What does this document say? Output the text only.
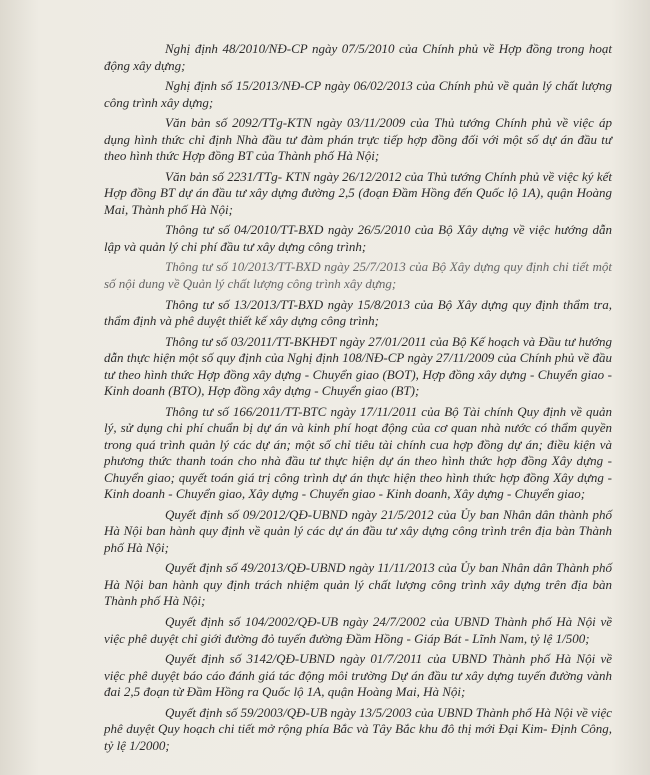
Nghị định 48/2010/NĐ-CP ngày 07/5/2010 của Chính phủ về Hợp đồng trong hoạt động xây dựng;

Nghị định số 15/2013/NĐ-CP ngày 06/02/2013 của Chính phủ về quản lý chất lượng công trình xây dựng;

Văn bản số 2092/TTg-KTN ngày 03/11/2009 của Thủ tướng Chính phủ về việc áp dụng hình thức chỉ định Nhà đầu tư đàm phán trực tiếp hợp đồng đối với một số dự án đầu tư theo hình thức Hợp đồng BT của Thành phố Hà Nội;

Văn bản số 2231/TTg- KTN ngày 26/12/2012 của Thủ tướng Chính phủ về việc ký kết Hợp đồng BT dự án đầu tư xây dựng đường 2,5 (đoạn Đầm Hồng đến Quốc lộ 1A), quận Hoàng Mai, Thành phố Hà Nội;

Thông tư số 04/2010/TT-BXD ngày 26/5/2010 của Bộ Xây dựng về việc hướng dẫn lập và quản lý chi phí đầu tư xây dựng công trình;

Thông tư số 10/2013/TT-BXD ngày 25/7/2013 của Bộ Xây dựng quy định chi tiết một số nội dung về Quản lý chất lượng công trình xây dựng;

Thông tư số 13/2013/TT-BXD ngày 15/8/2013 của Bộ Xây dựng quy định thẩm tra, thẩm định và phê duyệt thiết kế xây dựng công trình;

Thông tư số 03/2011/TT-BKHĐT ngày 27/01/2011 của Bộ Kế hoạch và Đầu tư hướng dẫn thực hiện một số quy định của Nghị định 108/NĐ-CP ngày 27/11/2009 của Chính phủ về đầu tư theo hình thức Hợp đồng xây dựng - Chuyển giao (BOT), Hợp đồng xây dựng - Chuyển giao - Kinh doanh (BTO), Hợp đồng xây dựng - Chuyển giao (BT);

Thông tư số 166/2011/TT-BTC ngày 17/11/2011 của Bộ Tài chính Quy định về quản lý, sử dụng chi phí chuẩn bị dự án và kinh phí hoạt động của cơ quan nhà nước có thẩm quyền trong quá trình quản lý các dự án; một số chỉ tiêu tài chính cua hợp đồng dự án; điều kiện và phương thức thanh toán cho nhà đầu tư thực hiện dự án theo hình thức hợp đồng Xây dựng - Chuyển giao; quyết toán giá trị công trình dự án thực hiện theo hình thức hợp đồng Xây dựng - Kinh doanh - Chuyển giao, Xây dựng - Chuyển giao - Kinh doanh, Xây dựng - Chuyển giao;

Quyết định số 09/2012/QĐ-UBND ngày 21/5/2012 của Ủy ban Nhân dân thành phố Hà Nội ban hành quy định về quản lý các dự án đầu tư xây dựng công trình trên địa bàn Thành phố Hà Nội;

Quyết định số 49/2013/QĐ-UBND ngày 11/11/2013 của Ủy ban Nhân dân Thành phố Hà Nội ban hành quy định trách nhiệm quản lý chất lượng công trình xây dựng trên địa bàn Thành phố Hà Nội;

Quyết định số 104/2002/QĐ-UB ngày 24/7/2002 của UBND Thành phố Hà Nội về việc phê duyệt chỉ giới đường đỏ tuyến đường Đầm Hồng - Giáp Bát - Lĩnh Nam, tỷ lệ 1/500;

Quyết định số 3142/QĐ-UBND ngày 01/7/2011 của UBND Thành phố Hà Nội về việc phê duyệt báo cáo đánh giá tác động môi trường Dự án đầu tư xây dựng tuyến đường vành đai 2,5 đoạn từ Đầm Hồng ra Quốc lộ 1A, quận Hoàng Mai, Hà Nội;

Quyết định số 59/2003/QĐ-UB ngày 13/5/2003 của UBND Thành phố Hà Nội về việc phê duyệt Quy hoạch chi tiết mở rộng phía Bắc và Tây Bắc khu đô thị mới Đại Kim- Định Công, tỷ lệ 1/2000;
